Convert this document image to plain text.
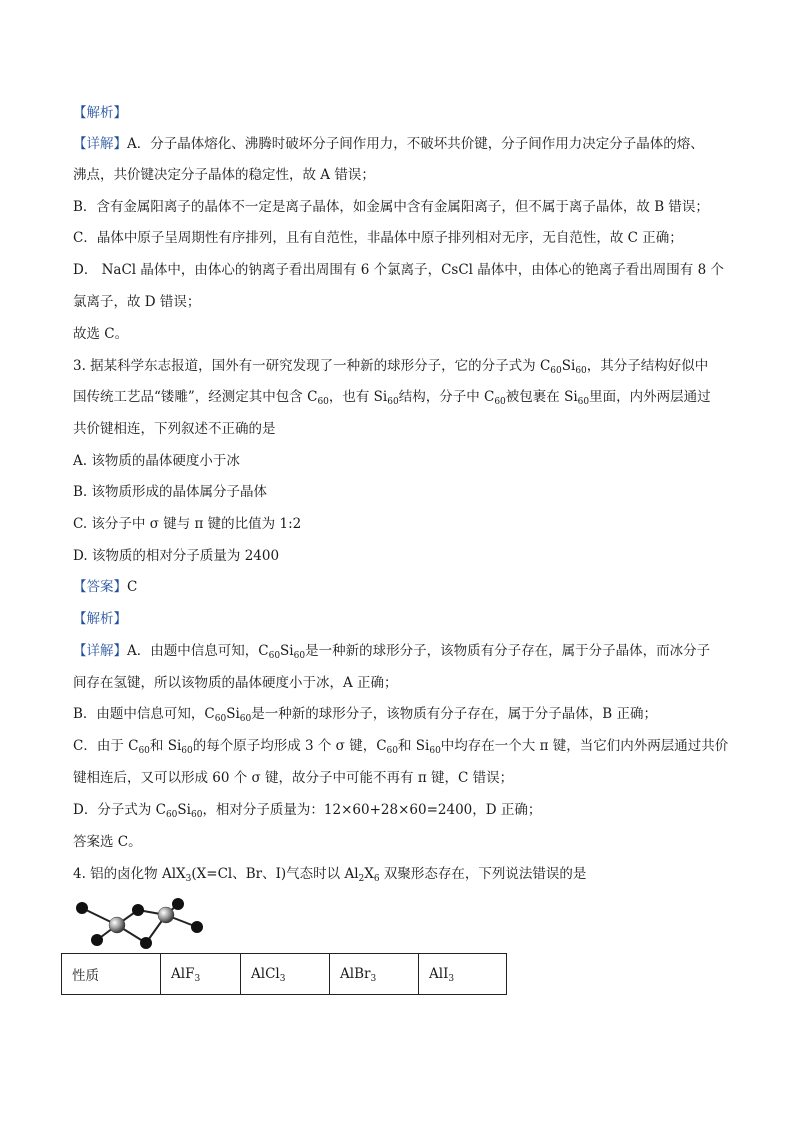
【解析】
【详解】A．分子晶体熔化、沸腾时破坏分子间作用力，不破坏共价键，分子间作用力决定分子晶体的熔、
沸点，共价键决定分子晶体的稳定性，故 A 错误；
B．含有金属阳离子的晶体不一定是离子晶体，如金属中含有金属阳离子，但不属于离子晶体，故 B 错误；
C．晶体中原子呈周期性有序排列，且有自范性，非晶体中原子排列相对无序，无自范性，故 C 正确；
D． NaCl 晶体中，由体心的钠离子看出周围有 6 个氯离子，CsCl 晶体中，由体心的铯离子看出周围有 8 个
氯离子，故 D 错误；
故选 C。
3. 据某科学东志报道，国外有一研究发现了一种新的球形分子，它的分子式为 $C_{60}Si_{60}$，其分子结构好似中
国传统工艺品“镂雕”，经测定其中包含 $C_{60}$，也有 $Si_{60}$结构，分子中 $C_{60}$被包裹在 $Si_{60}$里面，内外两层通过
共价键相连，下列叙述不正确的是
A. 该物质的晶体硬度小于冰
B. 该物质形成的晶体属分子晶体
C. 该分子中 σ 键与 π 键的比值为 1:2
D. 该物质的相对分子质量为 2400
【答案】C
【解析】
【详解】A．由题中信息可知，$C_{60}Si_{60}$是一种新的球形分子，该物质有分子存在，属于分子晶体，而冰分子
间存在氢键，所以该物质的晶体硬度小于冰，A 正确；
B．由题中信息可知，$C_{60}Si_{60}$是一种新的球形分子，该物质有分子存在，属于分子晶体，B 正确；
C．由于 $C_{60}$和 $Si_{60}$的每个原子均形成 3 个 σ 键，$C_{60}$和 $Si_{60}$中均存在一个大 π 键，当它们内外两层通过共价
键相连后，又可以形成 60 个 σ 键，故分子中可能不再有 π 键，C 错误；
D．分子式为 $C_{60}Si_{60}$，相对分子质量为：12×60+28×60=2400，D 正确；
答案选 C。
4. 铝的卤化物 AlX$_3$(X=Cl、Br、I)气态时以 $Al_2X_6$ 双聚形态存在，下列说法错误的是
性质	AlF$_3$	AlCl$_3$	AlBr$_3$	AlI$_3$
